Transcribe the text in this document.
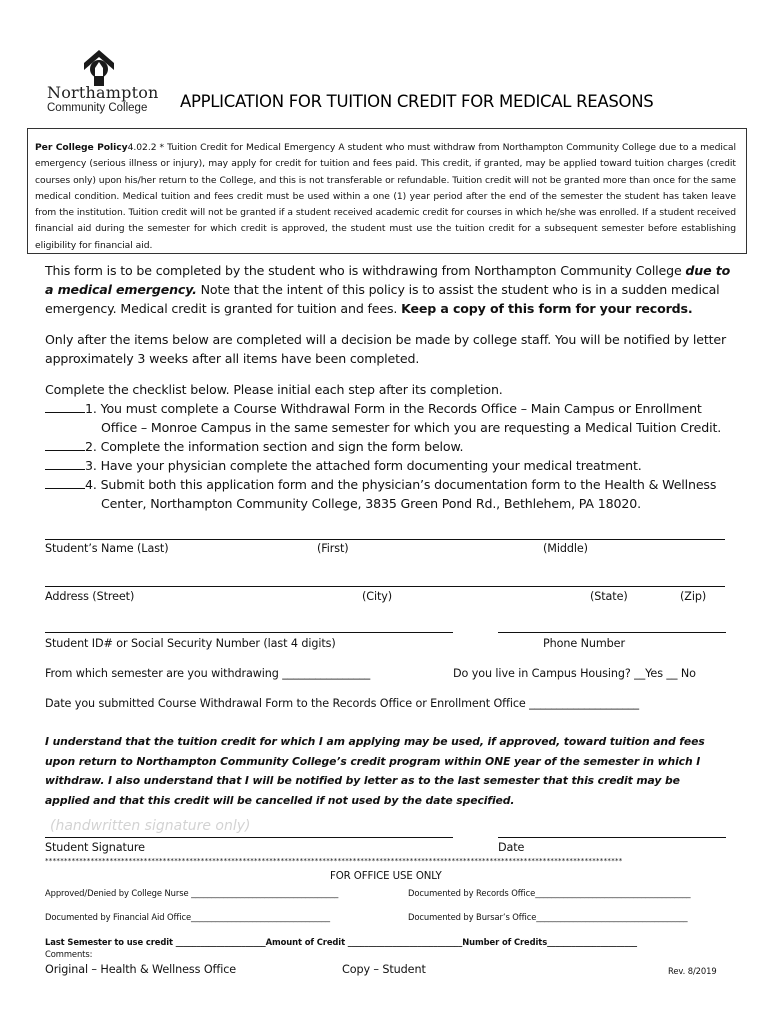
Northampton
Community College APPLICATION FOR TUITION CREDIT FOR MEDICAL REASONS
Per College Policy4.02.2 * Tuition Credit for Medical Emergency A student who must withdraw from Northampton Community College due to a medical emergency (serious illness or injury), may apply for credit for tuition and fees paid. This credit, if granted, may be applied toward tuition charges (credit courses only) upon his/her return to the College, and this is not transferable or refundable. Tuition credit will not be granted more than once for the same medical condition. Medical tuition and fees credit must be used within a one (1) year period after the end of the semester the student has taken leave from the institution. Tuition credit will not be granted if a student received academic credit for courses in which he/she was enrolled. If a student received financial aid during the semester for which credit is approved, the student must use the tuition credit for a subsequent semester before establishing eligibility for financial aid.
This form is to be completed by the student who is withdrawing from Northampton Community College due to a medical emergency. Note that the intent of this policy is to assist the student who is in a sudden medical emergency. Medical credit is granted for tuition and fees. Keep a copy of this form for your records.
Only after the items below are completed will a decision be made by college staff. You will be notified by letter approximately 3 weeks after all items have been completed.
Complete the checklist below. Please initial each step after its completion.
1. You must complete a Course Withdrawal Form in the Records Office – Main Campus or Enrollment
Office – Monroe Campus in the same semester for which you are requesting a Medical Tuition Credit.
2. Complete the information section and sign the form below.
3. Have your physician complete the attached form documenting your medical treatment.
4. Submit both this application form and the physician’s documentation form to the Health & Wellness
Center, Northampton Community College, 3835 Green Pond Rd., Bethlehem, PA 18020.
Student’s Name (Last)	(First)	(Middle)
Address (Street)	(City)	(State)	(Zip)
Student ID# or Social Security Number (last 4 digits)	Phone Number
From which semester are you withdrawing ________________	Do you live in Campus Housing? __Yes __ No
Date you submitted Course Withdrawal Form to the Records Office or Enrollment Office ____________________
I understand that the tuition credit for which I am applying may be used, if approved, toward tuition and fees upon return to Northampton Community College’s credit program within ONE year of the semester in which I withdraw. I also understand that I will be notified by letter as to the last semester that this credit may be applied and that this credit will be cancelled if not used by the date specified.
(handwritten signature only)
Student Signature	Date
********************************************************************************************************************************************************
FOR OFFICE USE ONLY
Approved/Denied by College Nurse ____________________________________	Documented by Records Office______________________________________
Documented by Financial Aid Office__________________________________	Documented by Bursar’s Office_____________________________________
Last Semester to use credit ______________________Amount of Credit ____________________________Number of Credits______________________
Comments:
Original – Health & Wellness Office	Copy – Student	Rev. 8/2019
